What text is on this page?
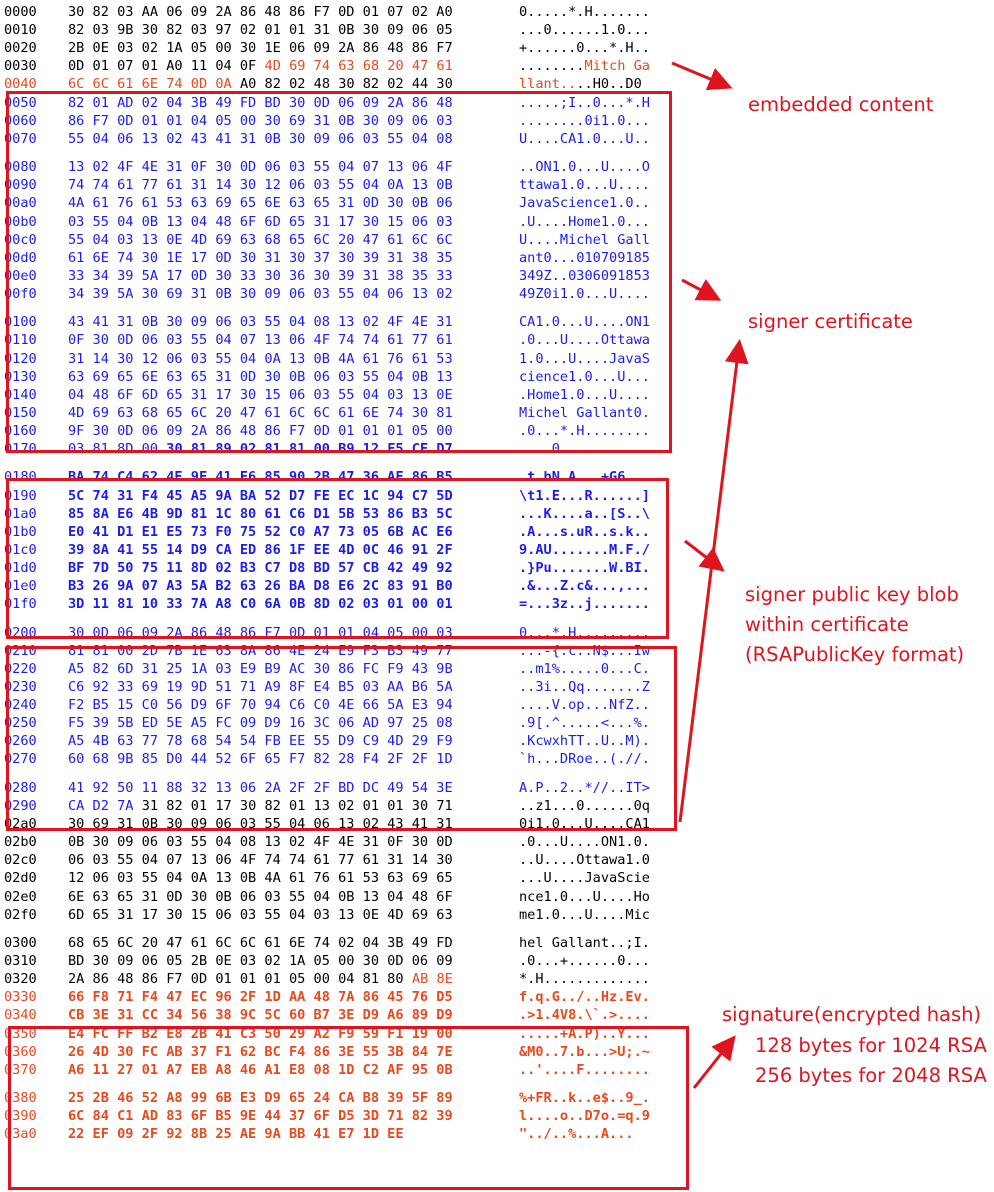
0000 30 82 03 AA 06 09 2A 86 48 86 F7 0D 01 07 02 A0	0.....*.H.......
0010 82 03 9B 30 82 03 97 02 01 01 31 0B 30 09 06 05	...0......1.0...
0020 2B 0E 03 02 1A 05 00 30 1E 06 09 2A 86 48 86 F7	+......0...*.H..
0030 0D 01 07 01 A0 11 04 0F 4D 69 74 63 68 20 47 61	........ Mitch Ga
0040 6C 6C 61 6E 74 0D 0A A0 82 02 48 30 82 02 44 30	llant.. ..H0..D0
0050 82 01 AD 02 04 3B 49 FD BD 30 0D 06 09 2A 86 48	.....;I..0...*.H
0060 86 F7 0D 01 01 04 05 00 30 69 31 0B 30 09 06 03	........0i1.0...
0070 55 04 06 13 02 43 41 31 0B 30 09 06 03 55 04 08	U....CA1.0...U..
0080 13 02 4F 4E 31 0F 30 0D 06 03 55 04 07 13 06 4F	..ON1.0...U....O
0090 74 74 61 77 61 31 14 30 12 06 03 55 04 0A 13 0B	ttawa1.0...U....
00a0 4A 61 76 61 53 63 69 65 6E 63 65 31 0D 30 0B 06	JavaScience1.0..
00b0 03 55 04 0B 13 04 48 6F 6D 65 31 17 30 15 06 03	.U....Home1.0...
00c0 55 04 03 13 0E 4D 69 63 68 65 6C 20 47 61 6C 6C	U....Michel Gall
00d0 61 6E 74 30 1E 17 0D 30 31 30 37 30 39 31 38 35	ant0...010709185
00e0 33 34 39 5A 17 0D 30 33 30 36 30 39 31 38 35 33	349Z..0306091853
00f0 34 39 5A 30 69 31 0B 30 09 06 03 55 04 06 13 02	49Z0i1.0...U....
0100 43 41 31 0B 30 09 06 03 55 04 08 13 02 4F 4E 31	CA1.0...U....ON1
0110 0F 30 0D 06 03 55 04 07 13 06 4F 74 74 61 77 61	.0...U....Ottawa
0120 31 14 30 12 06 03 55 04 0A 13 0B 4A 61 76 61 53	1.0...U....JavaS
0130 63 69 65 6E 63 65 31 0D 30 0B 06 03 55 04 0B 13	cience1.0...U...
0140 04 48 6F 6D 65 31 17 30 15 06 03 55 04 03 13 0E	.Home1.0...U....
0150 4D 69 63 68 65 6C 20 47 61 6C 6C 61 6E 74 30 81	Michel Gallant0.
0160 9F 30 0D 06 09 2A 86 48 86 F7 0D 01 01 01 05 00	.0...*.H........
0170 03 81 8D 00 30 81 89 02 81 81 00 B9 12 F5 CE D7	....0...........
0180 BA 74 C4 62 4E 9F 41 E6 85 90 2B 47 36 AF 86 B5	.t.bN.A...+G6...
0190 5C 74 31 F4 45 A5 9A BA 52 D7 FE EC 1C 94 C7 5D	\t1.E...R......]
01a0 85 8A E6 4B 9D 81 1C 80 61 C6 D1 5B 53 86 B3 5C	...K....a..[S..\
01b0 E0 41 D1 E1 E5 73 F0 75 52 C0 A7 73 05 6B AC E6	.A...s.uR..s.k..
01c0 39 8A 41 55 14 D9 CA ED 86 1F EE 4D 0C 46 91 2F	9.AU.......M.F./
01d0 BF 7D 50 75 11 8D 02 B3 C7 D8 BD 57 CB 42 49 92	.}Pu.......W.BI.
01e0 B3 26 9A 07 A3 5A B2 63 26 BA D8 E6 2C 83 91 B0	.&...Z.c&...,...
01f0 3D 11 81 10 33 7A A8 C0 6A 0B 8D 02 03 01 00 01	=...3z..j.......
0200 30 0D 06 09 2A 86 48 86 F7 0D 01 01 04 05 00 03	0...*.H.........
0210 81 81 00 2D 7B 1E 63 8A 86 4E 24 E9 F3 B3 49 77	...-{.c..N$...Iw
0220 A5 82 6D 31 25 1A 03 E9 B9 AC 30 86 FC F9 43 9B	..m1%.....0...C.
0230 C6 92 33 69 19 9D 51 71 A9 8F E4 B5 03 AA B6 5A	..3i..Qq.......Z
0240 F2 B5 15 C0 56 D9 6F 70 94 C6 C0 4E 66 5A E3 94	....V.op...NfZ..
0250 F5 39 5B ED 5E A5 FC 09 D9 16 3C 06 AD 97 25 08	.9[.^.....<...%.
0260 A5 4B 63 77 78 68 54 54 FB EE 55 D9 C9 4D 29 F9	.KcwxhTT..U..M).
0270 60 68 9B 85 D0 44 52 6F 65 F7 82 28 F4 2F 2F 1D	`h...DRoe..(.//.
0280 41 92 50 11 88 32 13 06 2A 2F 2F BD DC 49 54 3E	A.P..2..*//..IT>
0290 CA D2 7A 31 82 01 17 30 82 01 13 02 01 01 30 71	..z1...0......0q
02a0 30 69 31 0B 30 09 06 03 55 04 06 13 02 43 41 31	0i1.0...U....CA1
02b0 0B 30 09 06 03 55 04 08 13 02 4F 4E 31 0F 30 0D	.0...U....ON1.0.
02c0 06 03 55 04 07 13 06 4F 74 74 61 77 61 31 14 30	..U....Ottawa1.0
02d0 12 06 03 55 04 0A 13 0B 4A 61 76 61 53 63 69 65	...U....JavaScie
02e0 6E 63 65 31 0D 30 0B 06 03 55 04 0B 13 04 48 6F	nce1.0...U....Ho
02f0 6D 65 31 17 30 15 06 03 55 04 03 13 0E 4D 69 63	me1.0...U....Mic
0300 68 65 6C 20 47 61 6C 6C 61 6E 74 02 04 3B 49 FD	hel Gallant..;I.
0310 BD 30 09 06 05 2B 0E 03 02 1A 05 00 30 0D 06 09	.0...+......0...
0320 2A 86 48 86 F7 0D 01 01 01 05 00 04 81 80 AB 8E	*.H.............
0330 66 F8 71 F4 47 EC 96 2F 1D AA 48 7A 86 45 76 D5	f.q.G../..Hz.Ev.
0340 CB 3E 31 CC 34 56 38 9C 5C 60 B7 3E D9 A6 89 D9	.>1.4V8.\`.>....
0350 E4 FC FF B2 E8 2B 41 C3 50 29 A2 F9 59 F1 19 00	.....+A.P)..Y...
0360 26 4D 30 FC AB 37 F1 62 BC F4 86 3E 55 3B 84 7E	&M0..7.b...>U;.~
0370 A6 11 27 01 A7 EB A8 46 A1 E8 08 1D C2 AF 95 0B	..'....F........
0380 25 2B 46 52 A8 99 6B E3 D9 65 24 CA B8 39 5F 89	%+FR..k..e$..9_.
0390 6C 84 C1 AD 83 6F B5 9E 44 37 6F D5 3D 71 82 39	l....o..D7o.=q.9
03a0 22 EF 09 2F 92 8B 25 AE 9A BB 41 E7 1D EE	"../..%...A...
embedded content
signer certificate
signer public key blob
within certificate
(RSAPublicKey format)
signature(encrypted hash)
128 bytes for 1024 RSA
256 bytes for 2048 RSA
